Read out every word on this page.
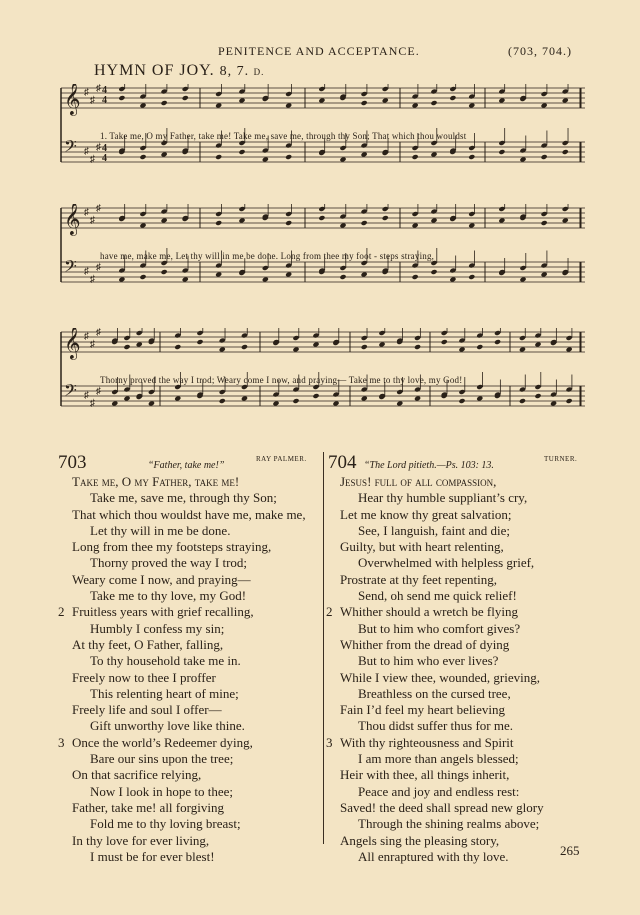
PENITENCE AND ACCEPTANCE.	(703, 704.)
HYMN OF JOY. 8, 7. D.
𝄞 ♯
♯
♯
𝄢 ♯
♯
♯
4
4
4
4
1. Take me, O my Father, take me! Take me, save me, through thy Son; That which thou wouldst
𝄞 ♯
♯
♯
𝄢 ♯
♯
♯
have me, make me, Let thy will in me be done. Long from thee my foot - steps straying,
𝄞 ♯
♯
♯
𝄢 ♯
♯
♯
Thorny proved the way I trod; Weary come I now, and praying— Take me to thy love, my God!
703	“Father, take me!”
RAY PALMER.
Take me, O my Father, take me!
Take me, save me, through thy Son;
That which thou wouldst have me, make me,
Let thy will in me be done.
Long from thee my footsteps straying,
Thorny proved the way I trod;
Weary come I now, and praying—
Take me to thy love, my God!
2 Fruitless years with grief recalling,
Humbly I confess my sin;
At thy feet, O Father, falling,
To thy household take me in.
Freely now to thee I proffer
This relenting heart of mine;
Freely life and soul I offer—
Gift unworthy love like thine.
3 Once the world’s Redeemer dying,
Bare our sins upon the tree;
On that sacrifice relying,
Now I look in hope to thee;
Father, take me! all forgiving
Fold me to thy loving breast;
In thy love for ever living,
I must be for ever blest!
704 “The Lord pitieth.—Ps. 103: 13.
TURNER.
Jesus! full of all compassion,
Hear thy humble suppliant’s cry,
Let me know thy great salvation;
See, I languish, faint and die;
Guilty, but with heart relenting,
Overwhelmed with helpless grief,
Prostrate at thy feet repenting,
Send, oh send me quick relief!
2 Whither should a wretch be flying
But to him who comfort gives?
Whither from the dread of dying
But to him who ever lives?
While I view thee, wounded, grieving,
Breathless on the cursed tree,
Fain I’d feel my heart believing
Thou didst suffer thus for me.
3 With thy righteousness and Spirit
I am more than angels blessed;
Heir with thee, all things inherit,
Peace and joy and endless rest:
Saved! the deed shall spread new glory
Through the shining realms above;
Angels sing the pleasing story,
All enraptured with thy love.	265
